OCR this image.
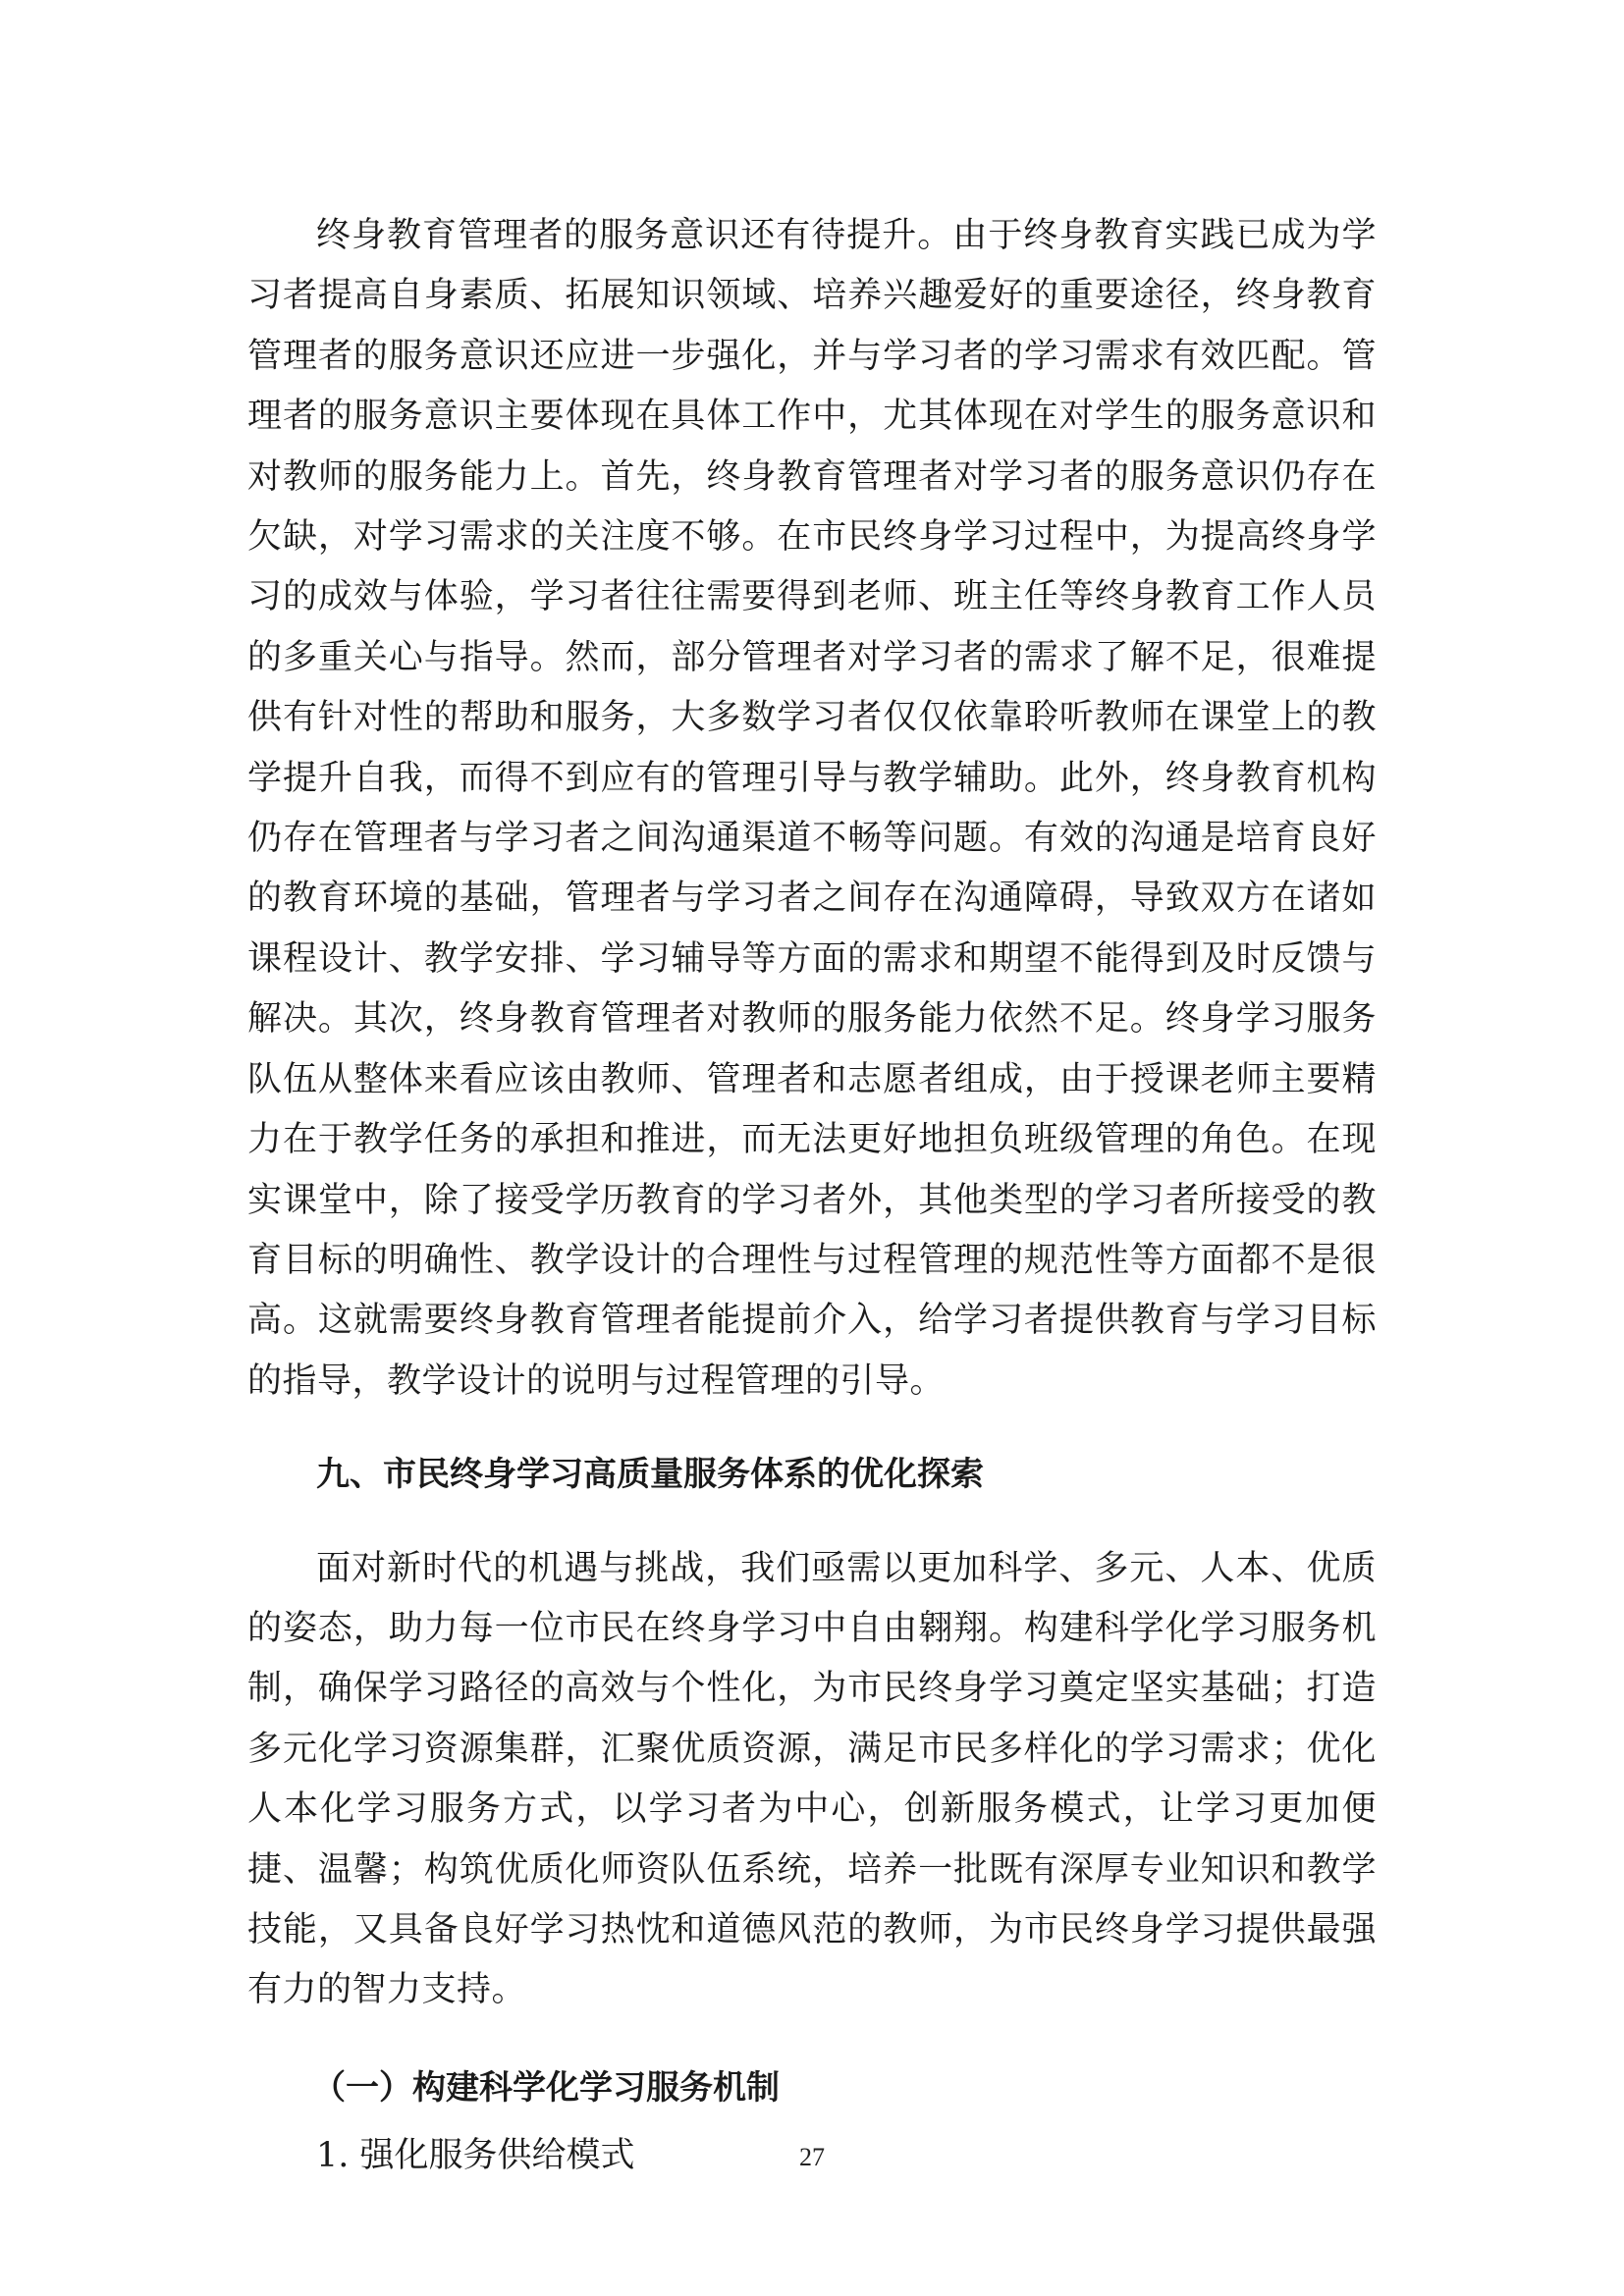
终身教育管理者的服务意识还有待提升。由于终身教育实践已成为学习者提高自身素质、拓展知识领域、培养兴趣爱好的重要途径，终身教育管理者的服务意识还应进一步强化，并与学习者的学习需求有效匹配。管理者的服务意识主要体现在具体工作中，尤其体现在对学生的服务意识和对教师的服务能力上。首先，终身教育管理者对学习者的服务意识仍存在欠缺，对学习需求的关注度不够。在市民终身学习过程中，为提高终身学习的成效与体验，学习者往往需要得到老师、班主任等终身教育工作人员的多重关心与指导。然而，部分管理者对学习者的需求了解不足，很难提供有针对性的帮助和服务，大多数学习者仅仅依靠聆听教师在课堂上的教学提升自我，而得不到应有的管理引导与教学辅助。此外，终身教育机构仍存在管理者与学习者之间沟通渠道不畅等问题。有效的沟通是培育良好的教育环境的基础，管理者与学习者之间存在沟通障碍，导致双方在诸如课程设计、教学安排、学习辅导等方面的需求和期望不能得到及时反馈与解决。其次，终身教育管理者对教师的服务能力依然不足。终身学习服务队伍从整体来看应该由教师、管理者和志愿者组成，由于授课老师主要精力在于教学任务的承担和推进，而无法更好地担负班级管理的角色。在现实课堂中，除了接受学历教育的学习者外，其他类型的学习者所接受的教育目标的明确性、教学设计的合理性与过程管理的规范性等方面都不是很高。这就需要终身教育管理者能提前介入，给学习者提供教育与学习目标的指导，教学设计的说明与过程管理的引导。

九、市民终身学习高质量服务体系的优化探索

面对新时代的机遇与挑战，我们亟需以更加科学、多元、人本、优质的姿态，助力每一位市民在终身学习中自由翱翔。构建科学化学习服务机制，确保学习路径的高效与个性化，为市民终身学习奠定坚实基础；打造多元化学习资源集群，汇聚优质资源，满足市民多样化的学习需求；优化人本化学习服务方式，以学习者为中心，创新服务模式，让学习更加便捷、温馨；构筑优质化师资队伍系统，培养一批既有深厚专业知识和教学技能，又具备良好学习热忱和道德风范的教师，为市民终身学习提供最强有力的智力支持。

（一）构建科学化学习服务机制

1. 强化服务供给模式	27
